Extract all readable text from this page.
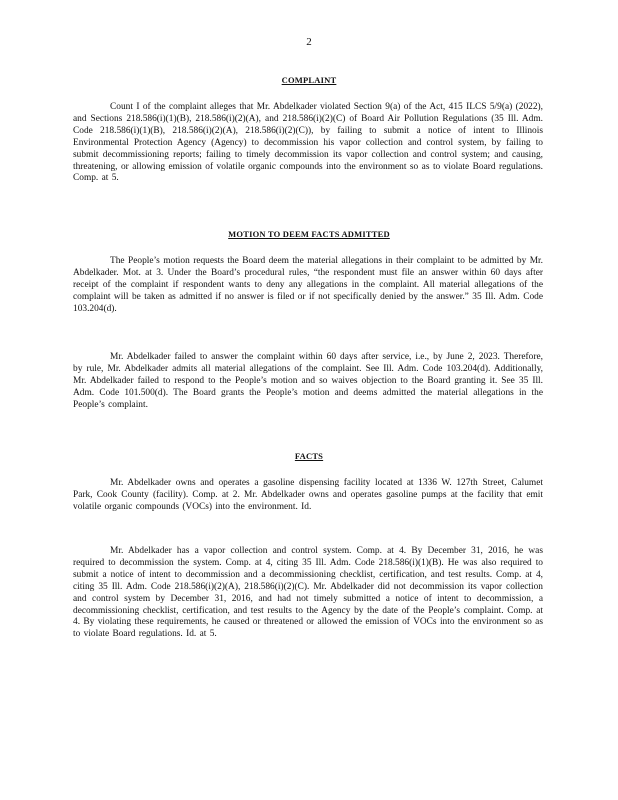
2
COMPLAINT

Count I of the complaint alleges that Mr. Abdelkader violated Section 9(a) of the Act, 415 ILCS 5/9(a) (2022), and Sections 218.586(i)(1)(B), 218.586(i)(2)(A), and 218.586(i)(2)(C) of Board Air Pollution Regulations (35 Ill. Adm. Code 218.586(i)(1)(B), 218.586(i)(2)(A), 218.586(i)(2)(C)), by failing to submit a notice of intent to Illinois Environmental Protection Agency (Agency) to decommission his vapor collection and control system, by failing to submit decommissioning reports; failing to timely decommission its vapor collection and control system; and causing, threatening, or allowing emission of volatile organic compounds into the environment so as to violate Board regulations. Comp. at 5.

MOTION TO DEEM FACTS ADMITTED

The People’s motion requests the Board deem the material allegations in their complaint to be admitted by Mr. Abdelkader. Mot. at 3. Under the Board’s procedural rules, “the respondent must file an answer within 60 days after receipt of the complaint if respondent wants to deny any allegations in the complaint. All material allegations of the complaint will be taken as admitted if no answer is filed or if not specifically denied by the answer.” 35 Ill. Adm. Code 103.204(d).

Mr. Abdelkader failed to answer the complaint within 60 days after service, i.e., by June 2, 2023. Therefore, by rule, Mr. Abdelkader admits all material allegations of the complaint. See Ill. Adm. Code 103.204(d). Additionally, Mr. Abdelkader failed to respond to the People’s motion and so waives objection to the Board granting it. See 35 Ill. Adm. Code 101.500(d). The Board grants the People’s motion and deems admitted the material allegations in the People’s complaint.

FACTS

Mr. Abdelkader owns and operates a gasoline dispensing facility located at 1336 W. 127th Street, Calumet Park, Cook County (facility). Comp. at 2. Mr. Abdelkader owns and operates gasoline pumps at the facility that emit volatile organic compounds (VOCs) into the environment. Id.

Mr. Abdelkader has a vapor collection and control system. Comp. at 4. By December 31, 2016, he was required to decommission the system. Comp. at 4, citing 35 Ill. Adm. Code 218.586(i)(1)(B). He was also required to submit a notice of intent to decommission and a decommissioning checklist, certification, and test results. Comp. at 4, citing 35 Ill. Adm. Code 218.586(i)(2)(A), 218.586(i)(2)(C). Mr. Abdelkader did not decommission its vapor collection and control system by December 31, 2016, and had not timely submitted a notice of intent to decommission, a decommissioning checklist, certification, and test results to the Agency by the date of the People’s complaint. Comp. at 4. By violating these requirements, he caused or threatened or allowed the emission of VOCs into the environment so as to violate Board regulations. Id. at 5.
